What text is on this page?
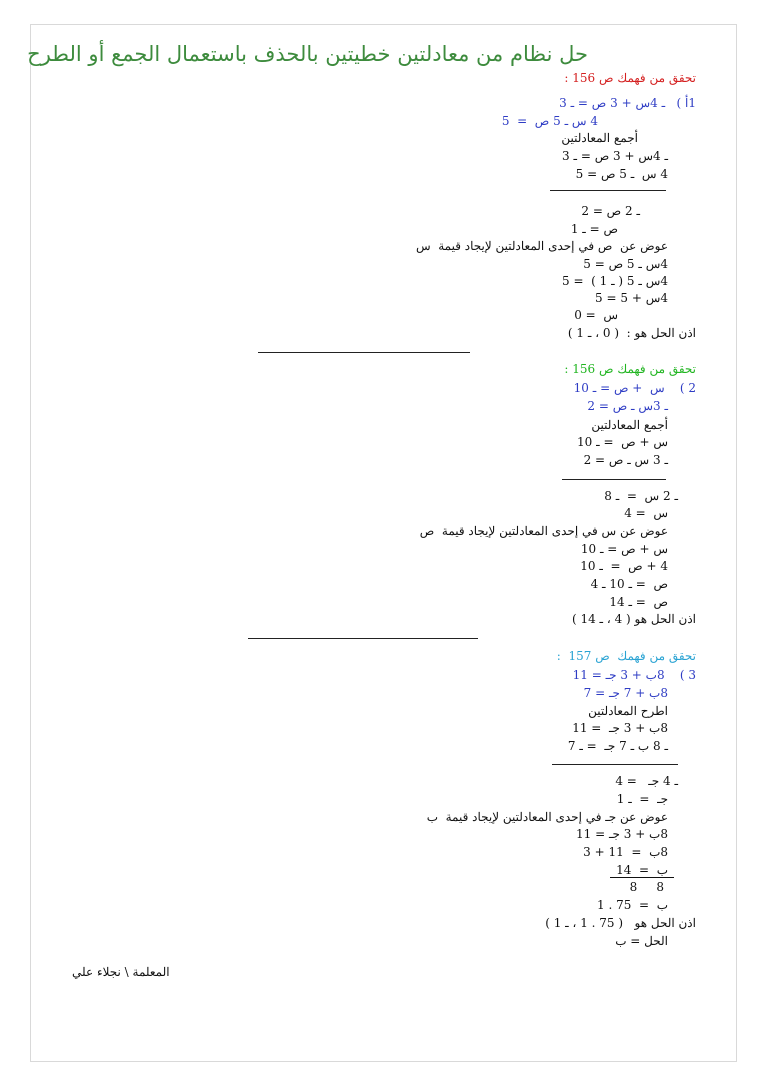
حل نظام من معادلتين خطيتين بالحذف باستعمال الجمع أو الطرح
تحقق من فهمك ص 156 :
1أ )   ـ 4س + 3 ص = ـ 3
4 س ـ 5 ص  =  5
أجمع المعادلتين
ـ 4س + 3 ص = ـ 3
4 س  ـ 5 ص = 5
ـ 2 ص = 2
ص = ـ 1
عوض عن  ص في إحدى المعادلتين لإيجاد قيمة  س
4س ـ 5 ص = 5
4س ـ 5 ( ـ 1 )  = 5
4س + 5 = 5
س  = 0
اذن الحل هو :  ( 0 ، ـ 1 )
تحقق من فهمك ص 156 :
2 )    س  + ص = ـ 10
ـ 3س ـ ص = 2
أجمع المعادلتين
س + ص  = ـ 10
ـ 3 س ـ ص = 2
ـ 2 س  =  ـ 8
س  = 4
عوض عن س في إحدى المعادلتين لإيجاد قيمة  ص
س + ص = ـ 10
4 + ص  =  ـ 10
ص  = ـ 10 ـ 4
ص  = ـ 14
اذن الحل هو ( 4 ، ـ 14 )
تحقق من فهمك  ص 157  :
3 )    8ب + 3 جـ = 11
8ب + 7 جـ = 7
اطرح المعادلتين
8ب + 3 جـ  = 11
ـ 8 ب ـ 7 جـ  = ـ 7
ـ 4 جـ   = 4
جـ  =  ـ 1
عوض عن جـ في إحدى المعادلتين لإيجاد قيمة  ب
8ب + 3 جـ = 11
8ب  =  11 + 3
ب  =  14
8     8
ب  =  75 . 1
اذن الحل هو   ( 75 . 1 ، ـ 1 )
الحل = ب
المعلمة \ نجلاء علي
